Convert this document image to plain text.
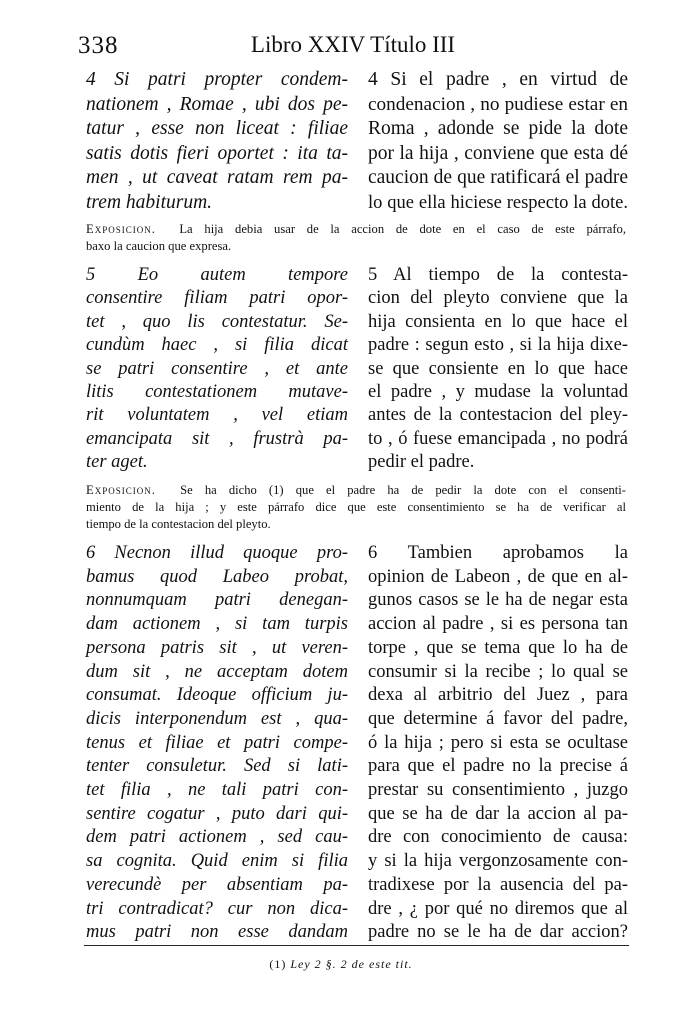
338	Libro XXIV Título III
4 Si patri propter condem-
nationem , Romae , ubi dos pe-
tatur , esse non liceat : filiae
satis dotis fieri oportet : ita ta-
men , ut caveat ratam rem pa-
trem habiturum.
4 Si el padre , en virtud de
condenacion , no pudiese estar en
Roma , adonde se pide la dote
por la hija , conviene que esta dé
caucion de que ratificará el padre
lo que ella hiciese respecto la dote.
Exposicion. La hija debia usar de la accion de dote en el caso de este párrafo,
baxo la caucion que expresa.
5 Eo autem tempore
consentire filiam patri opor-
tet , quo lis contestatur. Se-
cundùm haec , si filia dicat
se patri consentire , et ante
litis contestationem mutave-
rit voluntatem , vel etiam
emancipata sit , frustrà pa-
ter aget.
5 Al tiempo de la contesta-
cion del pleyto conviene que la
hija consienta en lo que hace el
padre : segun esto , si la hija dixe-
se que consiente en lo que hace
el padre , y mudase la voluntad
antes de la contestacion del pley-
to , ó fuese emancipada , no podrá
pedir el padre.
Exposicion. Se ha dicho (1) que el padre ha de pedir la dote con el consenti-
miento de la hija ; y este párrafo dice que este consentimiento se ha de verificar al
tiempo de la contestacion del pleyto.
6 Necnon illud quoque pro-
bamus quod Labeo probat,
nonnumquam patri denegan-
dam actionem , si tam turpis
persona patris sit , ut veren-
dum sit , ne acceptam dotem
consumat. Ideoque officium ju-
dicis interponendum est , qua-
tenus et filiae et patri compe-
tenter consuletur. Sed si lati-
tet filia , ne tali patri con-
sentire cogatur , puto dari qui-
dem patri actionem , sed cau-
sa cognita. Quid enim si filia
verecundè per absentiam pa-
tri contradicat? cur non dica-
mus patri non esse dandam
6 Tambien aprobamos la
opinion de Labeon , de que en al-
gunos casos se le ha de negar esta
accion al padre , si es persona tan
torpe , que se tema que lo ha de
consumir si la recibe ; lo qual se
dexa al arbitrio del Juez , para
que determine á favor del padre,
ó la hija ; pero si esta se ocultase
para que el padre no la precise á
prestar su consentimiento , juzgo
que se ha de dar la accion al pa-
dre con conocimiento de causa:
y si la hija vergonzosamente con-
tradixese por la ausencia del pa-
dre , ¿ por qué no diremos que al
padre no se le ha de dar accion?
(1) Ley 2 §. 2 de este tit.
